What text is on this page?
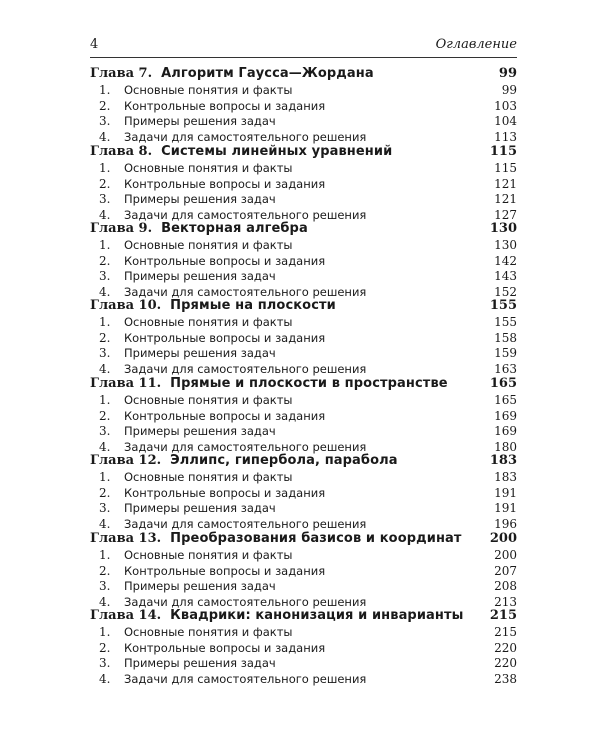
4	Оглавление
Глава 7. Алгоритм Гаусса—Жордана	99
1. Основные понятия и факты	99
2. Контрольные вопросы и задания	103
3. Примеры решения задач	104
4. Задачи для самостоятельного решения	113
Глава 8. Системы линейных уравнений	115
1. Основные понятия и факты	115
2. Контрольные вопросы и задания	121
3. Примеры решения задач	121
4. Задачи для самостоятельного решения	127
Глава 9. Векторная алгебра	130
1. Основные понятия и факты	130
2. Контрольные вопросы и задания	142
3. Примеры решения задач	143
4. Задачи для самостоятельного решения	152
Глава 10. Прямые на плоскости	155
1. Основные понятия и факты	155
2. Контрольные вопросы и задания	158
3. Примеры решения задач	159
4. Задачи для самостоятельного решения	163
Глава 11. Прямые и плоскости в пространстве	165
1. Основные понятия и факты	165
2. Контрольные вопросы и задания	169
3. Примеры решения задач	169
4. Задачи для самостоятельного решения	180
Глава 12. Эллипс, гипербола, парабола	183
1. Основные понятия и факты	183
2. Контрольные вопросы и задания	191
3. Примеры решения задач	191
4. Задачи для самостоятельного решения	196
Глава 13. Преобразования базисов и координат 200
1. Основные понятия и факты	200
2. Контрольные вопросы и задания	207
3. Примеры решения задач	208
4. Задачи для самостоятельного решения	213
Глава 14. Квадрики: канонизация и инварианты 215
1. Основные понятия и факты	215
2. Контрольные вопросы и задания	220
3. Примеры решения задач	220
4. Задачи для самостоятельного решения	238
